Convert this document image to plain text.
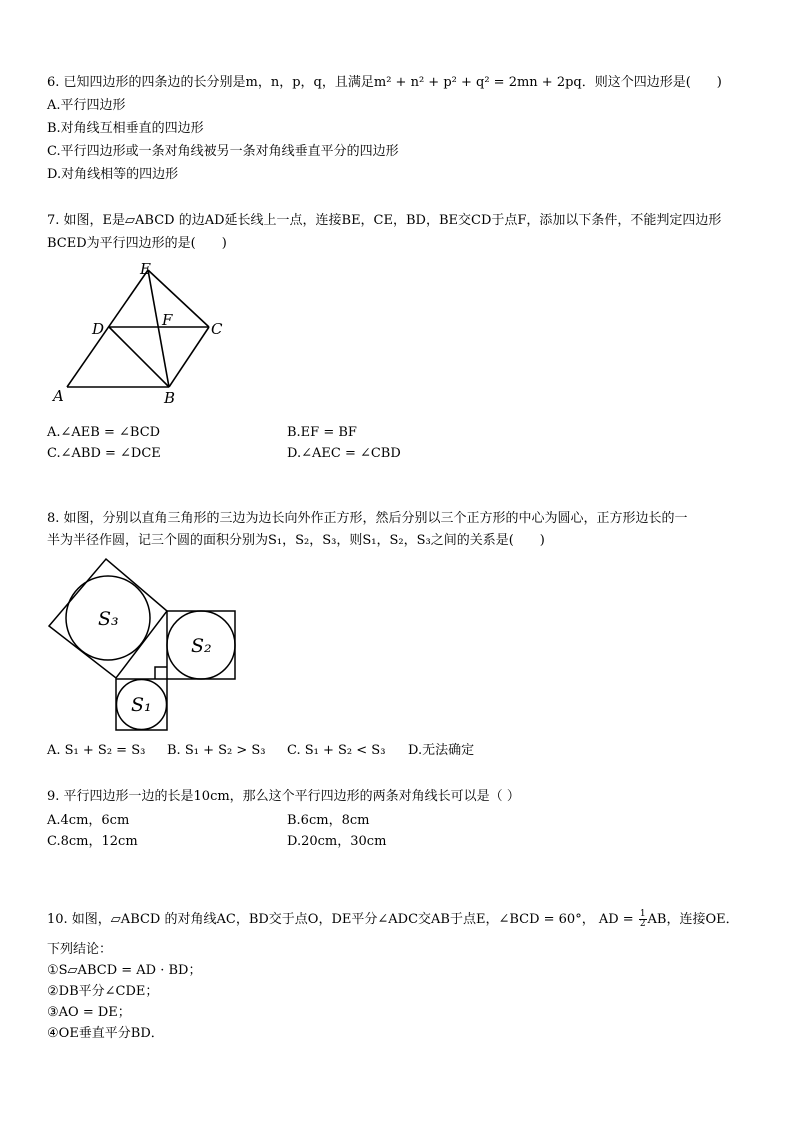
6. 已知四边形的四条边的长分别是m，n，p，q，且满足m² + n² + p² + q² = 2mn + 2pq．则这个四边形是(　　)
A.平行四边形
B.对角线互相垂直的四边形
C.平行四边形或一条对角线被另一条对角线垂直平分的四边形
D.对角线相等的四边形
7. 如图，E是▱ABCD 的边AD延长线上一点，连接BE，CE，BD，BE交CD于点F，添加以下条件，不能判定四边形
BCED为平行四边形的是(　　)
E
D	F	C
A	B
A.∠AEB = ∠BCD	B.EF = BF
C.∠ABD = ∠DCE	D.∠AEC = ∠CBD
8. 如图，分别以直角三角形的三边为边长向外作正方形，然后分别以三个正方形的中心为圆心，正方形边长的一
半为半径作圆，记三个圆的面积分别为S₁，S₂，S₃，则S₁，S₂，S₃之间的关系是(　　)
S₃
S₂
S₁
A. S₁ + S₂ = S₃ B. S₁ + S₂ > S₃ C. S₁ + S₂ < S₃ D.无法确定
9. 平行四边形一边的长是10cm，那么这个平行四边形的两条对角线长可以是（ ）
A.4cm，6cm	B.6cm，8cm
C.8cm，12cm	D.20cm，30cm
10. 如图，▱ABCD 的对角线AC，BD交于点O，DE平分∠ADC交AB于点E，∠BCD = 60°， AD = $\frac{1}{2}$ AB，连接OE．
下列结论：
①S▱ABCD = AD · BD；
②DB平分∠CDE；
③AO = DE；
④OE垂直平分BD．
